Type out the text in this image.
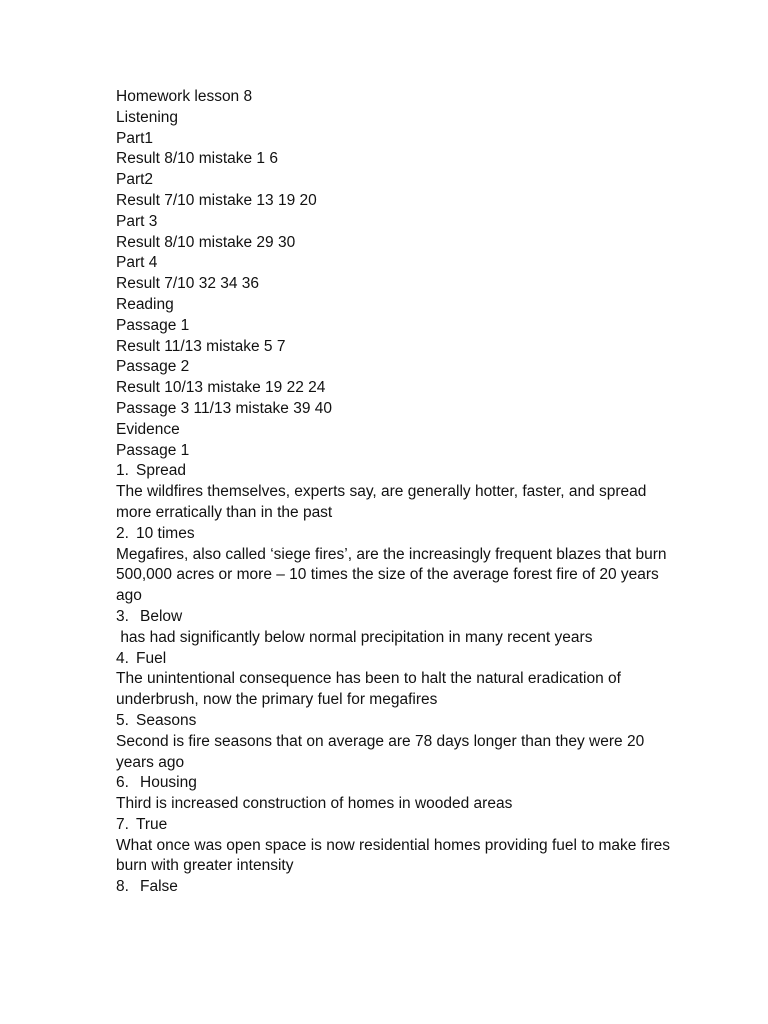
Homework lesson 8
Listening
Part1
Result 8/10 mistake 1 6
Part2
Result 7/10 mistake 13 19 20
Part 3
Result 8/10 mistake 29 30
Part 4
Result 7/10 32 34 36
Reading
Passage 1
Result 11/13 mistake 5 7
Passage 2
Result 10/13 mistake 19 22 24
Passage 3 11/13 mistake 39 40
Evidence
Passage 1
1. Spread
The wildfires themselves, experts say, are generally hotter, faster, and spread more erratically than in the past
2. 10 times
Megafires, also called ‘siege fires’, are the increasingly frequent blazes that burn 500,000 acres or more – 10 times the size of the average forest fire of 20 years ago
3. Below
has had significantly below normal precipitation in many recent years
4. Fuel
The unintentional consequence has been to halt the natural eradication of underbrush, now the primary fuel for megafires
5. Seasons
Second is fire seasons that on average are 78 days longer than they were 20 years ago
6. Housing
Third is increased construction of homes in wooded areas
7. True
What once was open space is now residential homes providing fuel to make fires burn with greater intensity
8. False
